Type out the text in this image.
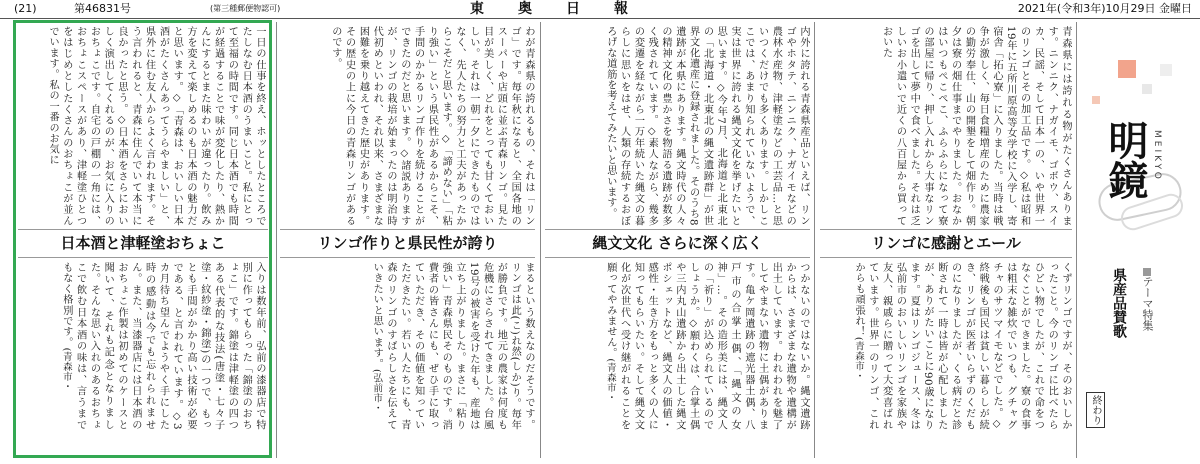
(21)	第46831号	(第三種郵便物認可)	東奥日報	2021年(令和3年)10月29日 金曜日
明鏡 MEIKYO
テーマ特集
県産品賛歌
終わり
青森県には誇れる物がたくさんあります。ニンニク、ナガイモ、ゴボウ、スイカ、民謡、そして日本一の、いや世界一のリンゴとその加工品です。◇私は昭和19年に五所川原高等女学校に入学し、寄宿舎「拓心寮」に入りました。当時は戦争が激しく、毎日食糧増産のために農家の勤労奉仕、山の開墾をして畑作り。朝夕は寮の畑仕事までやりました。おなかはいつもぺこぺこ、ふらふらになって寮の部屋に帰り、押し入れから大事なリンゴを出して夢中で食べました。それは乏しいお小遣いで近くの八百屋から買っておいた
リンゴに感謝とエール
くずリンゴですが、そのおいしかったこと。今のリンゴに比べたらひどい物でしたが、これで命をつなぐことができました。寮の食事は粗末な雑炊でいつも、グチャグチャのサツマイモなどでした。◇終戦後も国民は貧しい暮らしが続き、リンゴが医者いらずのくだものになりましたが、くる病だと診断されて一時は皆が心配しましたが、ありがたいことに90歳になります。夏はリンゴジュース、冬は弘前市のおいしいリンゴを家族や友人、親戚らに贈って大変喜ばれています。世界一のリンゴ、これからも頑張れ！(青森市・
内外に誇れる青森県産品といえば、リンゴやホタテ、ニンニク、ナガイモなどの農林水産物、津軽塗などの工芸品…と思いつくだけでも多くあります。しかしここでは、あまり知られていないようで、実は世界に誇れる縄文文化を挙げたいと思います。◇今年7月、北海道と北東北の「北海道・北東北の縄文遺跡群」が世界文化遺産に登録されました。そのうち8遺跡が本県にあります。縄文時代の人々の精神文化の豊かさを物語る遺跡が数多く残されています。◇素人ながら、幾多の変遷を経ながら一万年続いた縄文の暮らしに思いをはせ、人類の存続するおぼろげな道筋を考えてみたいと思います。
縄文文化 さらに深く広く
つかないのではないか。縄文遺跡からは、さまざまな遺物や遺構が出土しています。われわれを魅了してやまない遺物に土偶があります。亀ケ岡遺跡の遮光器土偶、八戸市の合掌土偶、「縄文の女神」…。その造形美には、縄文人の「祈り」が込められているのでしょうか。◇願わくは、合掌土偶や三内丸山遺跡から出土した縄文ポシェットなど、縄文人の価値・感性・生き方をもっと多くの人に知ってもらいたい。そして縄文文化が次世代へ受け継がれることを願ってやみません。(青森市・
わが青森県の誇れるもの、それは「リンゴ」です。毎年秋になると、全国各地のスーパーや店頭に並ぶ青森リンゴ。見た目が美しく、どれをとっても甘くておいしい。それは一朝一夕にできたものではなく、先人たちの努力と工夫があったからこそだと思います。◇「諦めない」「粘り強い」という県民性があるからこそ、手間のかかるリンゴ作りを続けることができたのだと思います。◇諸説ありますが、リンゴの栽培が始まったのは明治時代初めといわれ、それ以来、さまざまな困難を乗り越えてきた歴史があります。その歴史の上に今日の青森リンゴがあるのです。
リンゴ作りと県民性が誇り
まるという数えなのだそうです。リンゴは此(こ)れ然(しか)り。毎年が勝負です。地元の農家は何度も危機にさらされてきました。台風19号の被害を受けた年も、産地は立ち上がりました。まさに「粘り強い」青森県民そのものです。消費者の皆さんにも、ぜひ手に取っていただき、その価値を知っていただきたい。若い人たちにも、青森のリンゴのすばらしさを伝えていきたいと思います。(弘前市・
一日の仕事を終え、ホッとしたところでたしなむ日本酒のうまいこと。私にとって至福の時間です。同じ日本酒でも時間が経過することで味が変化したり、熱かんにするとまた味わいが違ったり。飲み方を変えて楽しめるのも日本酒の魅力だと思います。◇「青森は、おいしい日本酒がたくさんあってうらやましい」と、県外に住む友人からよく言われます。そう言われると、青森に住んでいて本当に良かったと思う。◇日本酒をさらにおいしく演出してくれるのが、お気に入りのおちょこです。自宅の戸棚の一角には、おちょこスペースがあり、津軽塗ひとつをはじめとしたくさんのおちょこが並んでいます。私の一番のお気に
日本酒と津軽塗おちょこ
入りは数年前、弘前の漆器店で特別に作ってもらった「錦塗のおちょこ」です。錦塗は津軽塗の四つある代表的な技法(唐塗・七々子塗・紋紗塗・錦塗)の一つで、もっとも手間がかかり高い技術が必要である、と言われています。◇3カ月待ち望んでようやく手にした時の感動は今でも忘れられません。また、当漆器店には日本酒のおちょこ作製は初めてのケースと聞いて、それも記念となりました。そんな思い入れのあるおちょこで飲む日本酒の味は、言うまでもなく格別です。(青森市・
